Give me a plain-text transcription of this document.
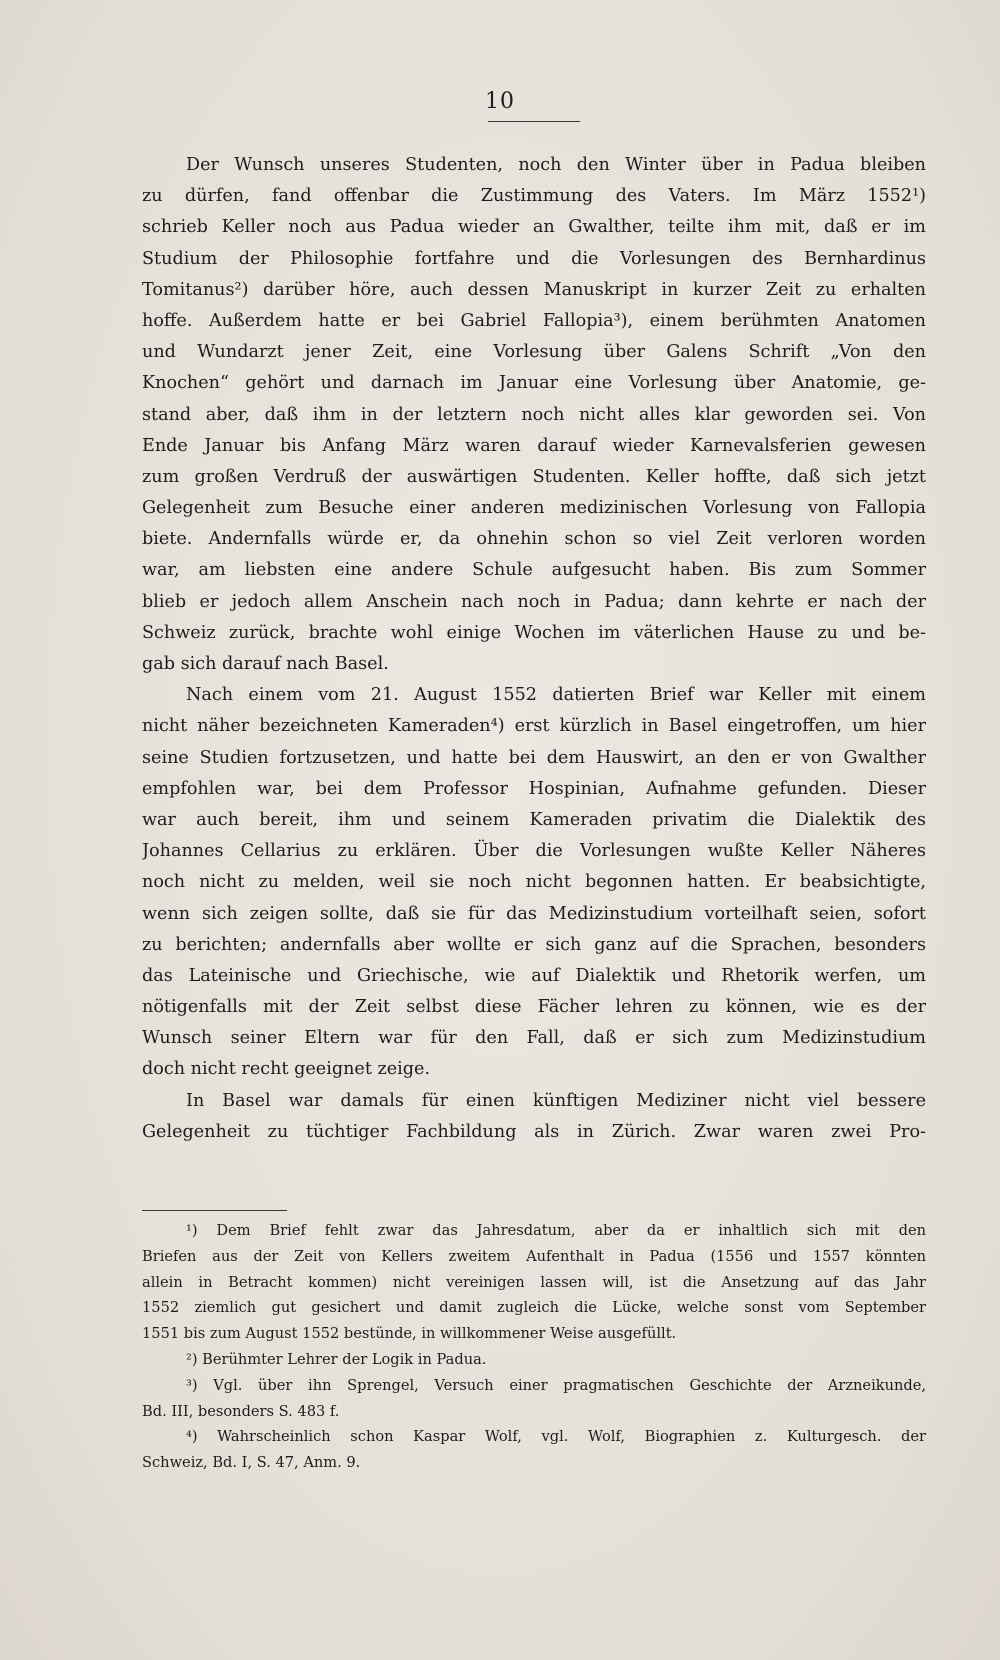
10
Der Wunsch unseres Studenten, noch den Winter über in Padua bleiben
zu dürfen, fand offenbar die Zustimmung des Vaters. Im März 1552¹)
schrieb Keller noch aus Padua wieder an Gwalther, teilte ihm mit, daß er im
Studium der Philosophie fortfahre und die Vorlesungen des Bernhardinus
Tomitanus²) darüber höre, auch dessen Manuskript in kurzer Zeit zu erhalten
hoffe. Außerdem hatte er bei Gabriel Fallopia³), einem berühmten Anatomen
und Wundarzt jener Zeit, eine Vorlesung über Galens Schrift „Von den
Knochen“ gehört und darnach im Januar eine Vorlesung über Anatomie, ge-
stand aber, daß ihm in der letztern noch nicht alles klar geworden sei. Von
Ende Januar bis Anfang März waren darauf wieder Karnevalsferien gewesen
zum großen Verdruß der auswärtigen Studenten. Keller hoffte, daß sich jetzt
Gelegenheit zum Besuche einer anderen medizinischen Vorlesung von Fallopia
biete. Andernfalls würde er, da ohnehin schon so viel Zeit verloren worden
war, am liebsten eine andere Schule aufgesucht haben. Bis zum Sommer
blieb er jedoch allem Anschein nach noch in Padua; dann kehrte er nach der
Schweiz zurück, brachte wohl einige Wochen im väterlichen Hause zu und be-
gab sich darauf nach Basel.
Nach einem vom 21. August 1552 datierten Brief war Keller mit einem
nicht näher bezeichneten Kameraden⁴) erst kürzlich in Basel eingetroffen, um hier
seine Studien fortzusetzen, und hatte bei dem Hauswirt, an den er von Gwalther
empfohlen war, bei dem Professor Hospinian, Aufnahme gefunden. Dieser
war auch bereit, ihm und seinem Kameraden privatim die Dialektik des
Johannes Cellarius zu erklären. Über die Vorlesungen wußte Keller Näheres
noch nicht zu melden, weil sie noch nicht begonnen hatten. Er beabsichtigte,
wenn sich zeigen sollte, daß sie für das Medizinstudium vorteilhaft seien, sofort
zu berichten; andernfalls aber wollte er sich ganz auf die Sprachen, besonders
das Lateinische und Griechische, wie auf Dialektik und Rhetorik werfen, um
nötigenfalls mit der Zeit selbst diese Fächer lehren zu können, wie es der
Wunsch seiner Eltern war für den Fall, daß er sich zum Medizinstudium
doch nicht recht geeignet zeige.
In Basel war damals für einen künftigen Mediziner nicht viel bessere
Gelegenheit zu tüchtiger Fachbildung als in Zürich. Zwar waren zwei Pro-
¹) Dem Brief fehlt zwar das Jahresdatum, aber da er inhaltlich sich mit den
Briefen aus der Zeit von Kellers zweitem Aufenthalt in Padua (1556 und 1557 könnten
allein in Betracht kommen) nicht vereinigen lassen will, ist die Ansetzung auf das Jahr
1552 ziemlich gut gesichert und damit zugleich die Lücke, welche sonst vom September
1551 bis zum August 1552 bestünde, in willkommener Weise ausgefüllt.
²) Berühmter Lehrer der Logik in Padua.
³) Vgl. über ihn Sprengel, Versuch einer pragmatischen Geschichte der Arzneikunde,
Bd. III, besonders S. 483 f.
⁴) Wahrscheinlich schon Kaspar Wolf, vgl. Wolf, Biographien z. Kulturgesch. der
Schweiz, Bd. I, S. 47, Anm. 9.
